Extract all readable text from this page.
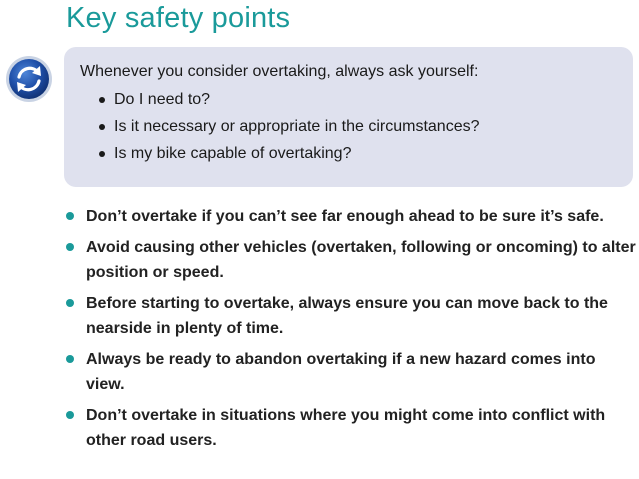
Key safety points
Whenever you consider overtaking, always ask yourself:
Do I need to?
Is it necessary or appropriate in the circumstances?
Is my bike capable of overtaking?
Don’t overtake if you can’t see far enough ahead to be sure it’s safe.
Avoid causing other vehicles (overtaken, following or oncoming) to alter position or speed.
Before starting to overtake, always ensure you can move back to the nearside in plenty of time.
Always be ready to abandon overtaking if a new hazard comes into view.
Don’t overtake in situations where you might come into conflict with other road users.
